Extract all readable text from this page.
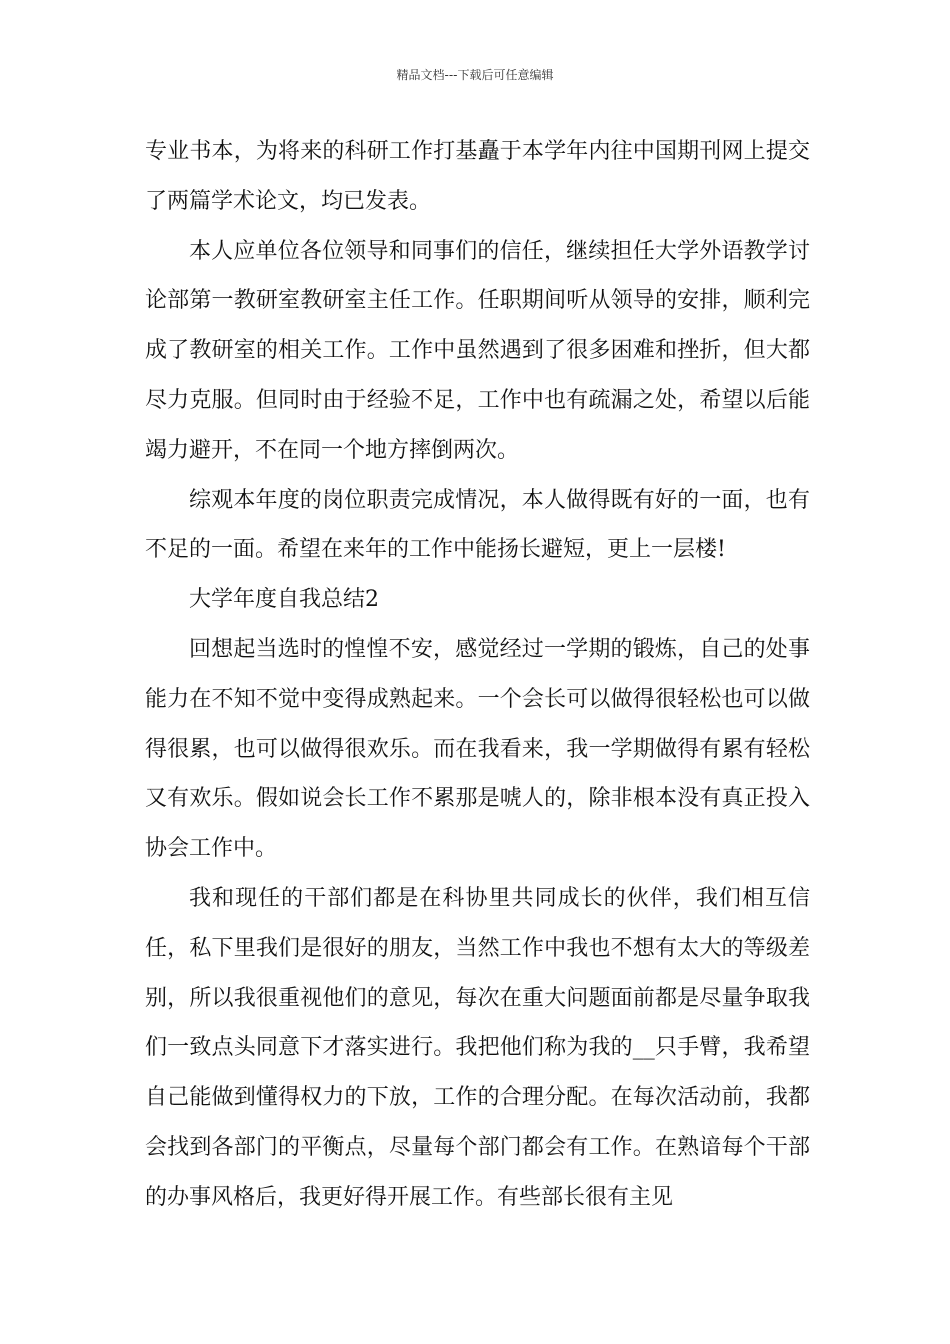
精品文档---下载后可任意编辑

专业书本，为将来的科研工作打基矗于本学年内往中国期刊网上提交了两篇学术论文，均已发表。

本人应单位各位领导和同事们的信任，继续担任大学外语教学讨论部第一教研室教研室主任工作。任职期间听从领导的安排，顺利完成了教研室的相关工作。工作中虽然遇到了很多困难和挫折，但大都尽力克服。但同时由于经验不足，工作中也有疏漏之处，希望以后能竭力避开，不在同一个地方摔倒两次。

综观本年度的岗位职责完成情况，本人做得既有好的一面，也有不足的一面。希望在来年的工作中能扬长避短，更上一层楼!

大学年度自我总结2

回想起当选时的惶惶不安，感觉经过一学期的锻炼，自己的处事能力在不知不觉中变得成熟起来。一个会长可以做得很轻松也可以做得很累，也可以做得很欢乐。而在我看来，我一学期做得有累有轻松又有欢乐。假如说会长工作不累那是唬人的，除非根本没有真正投入协会工作中。

我和现任的干部们都是在科协里共同成长的伙伴，我们相互信任，私下里我们是很好的朋友，当然工作中我也不想有太大的等级差别，所以我很重视他们的意见，每次在重大问题面前都是尽量争取我们一致点头同意下才落实进行。我把他们称为我的__只手臂，我希望自己能做到懂得权力的下放，工作的合理分配。在每次活动前，我都会找到各部门的平衡点，尽量每个部门都会有工作。在熟谙每个干部的办事风格后，我更好得开展工作。有些部长很有主见
